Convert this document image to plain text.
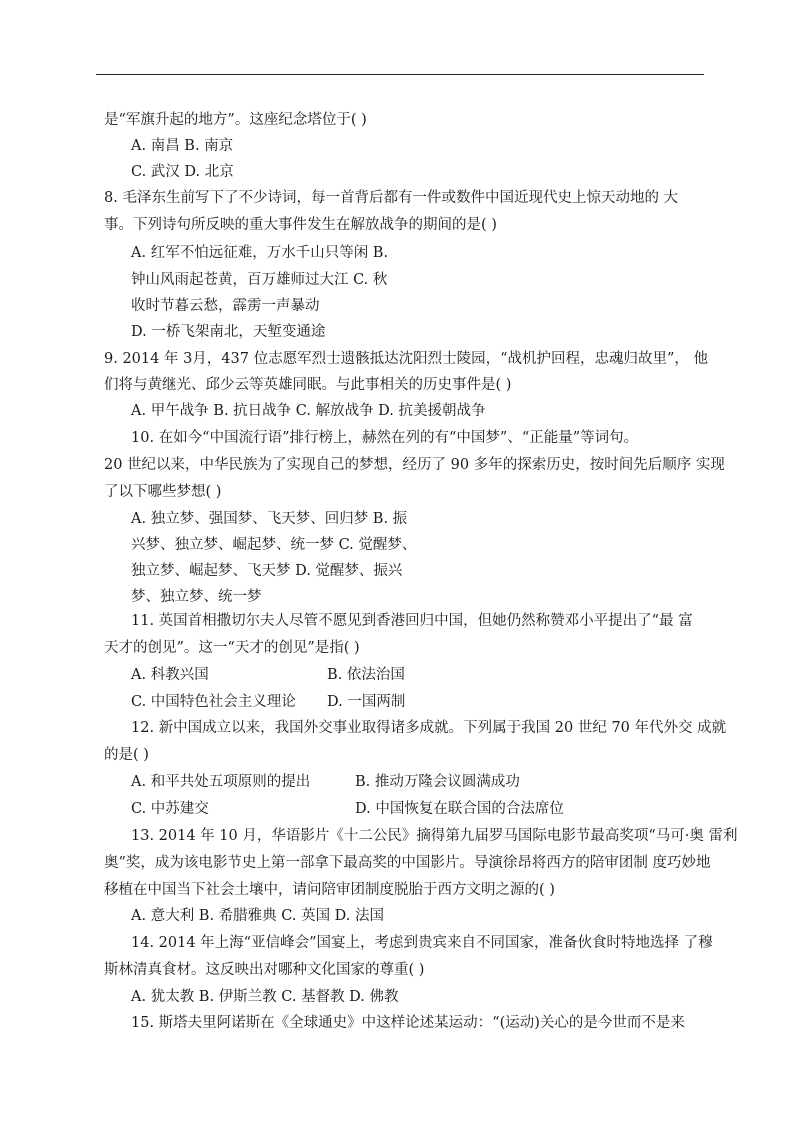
是“军旗升起的地方”。这座纪念塔位于( )
A. 南昌 B. 南京
C. 武汉 D. 北京
8. 毛泽东生前写下了不少诗词，每一首背后都有一件或数件中国近现代史上惊天动地的 大
事。下列诗句所反映的重大事件发生在解放战争的期间的是( )
A. 红军不怕远征难，万水千山只等闲 B.
钟山风雨起苍黄，百万雄师过大江 C. 秋
收时节暮云愁，霹雳一声暴动
D. 一桥飞架南北，天堑变通途
9. 2014 年 3月，437 位志愿军烈士遗骸抵达沈阳烈士陵园，“战机护回程，忠魂归故里”， 他
们将与黄继光、邱少云等英雄同眠。与此事相关的历史事件是( )
A. 甲午战争 B. 抗日战争 C. 解放战争 D. 抗美援朝战争
10. 在如今“中国流行语”排行榜上，赫然在列的有“中国梦”、“正能量”等词句。
20 世纪以来，中华民族为了实现自己的梦想，经历了 90 多年的探索历史，按时间先后顺序 实现
了以下哪些梦想( )
A. 独立梦、强国梦、飞天梦、回归梦 B. 振
兴梦、独立梦、崛起梦、统一梦 C. 觉醒梦、
独立梦、崛起梦、飞天梦 D. 觉醒梦、振兴
梦、独立梦、统一梦
11. 英国首相撒切尔夫人尽管不愿见到香港回归中国，但她仍然称赞邓小平提出了“最 富
天才的创见”。这一“天才的创见”是指( )
A. 科教兴国	B. 依法治国
C. 中国特色社会主义理论 D. 一国两制
12. 新中国成立以来，我国外交事业取得诸多成就。下列属于我国 20 世纪 70 年代外交 成就
的是( )
A. 和平共处五项原则的提出	B. 推动万隆会议圆满成功
C. 中苏建交	D. 中国恢复在联合国的合法席位
13. 2014 年 10 月，华语影片《十二公民》摘得第九届罗马国际电影节最高奖项“马可·奥 雷利
奥”奖，成为该电影节史上第一部拿下最高奖的中国影片。导演徐昂将西方的陪审团制 度巧妙地
移植在中国当下社会土壤中，请问陪审团制度脱胎于西方文明之源的( )
A. 意大利 B. 希腊雅典 C. 英国 D. 法国
14. 2014 年上海“亚信峰会”国宴上，考虑到贵宾来自不同国家，准备伙食时特地选择 了穆
斯林清真食材。这反映出对哪种文化国家的尊重( )
A. 犹太教 B. 伊斯兰教 C. 基督教 D. 佛教
15. 斯塔夫里阿诺斯在《全球通史》中这样论述某运动：“(运动)关心的是今世而不是来
